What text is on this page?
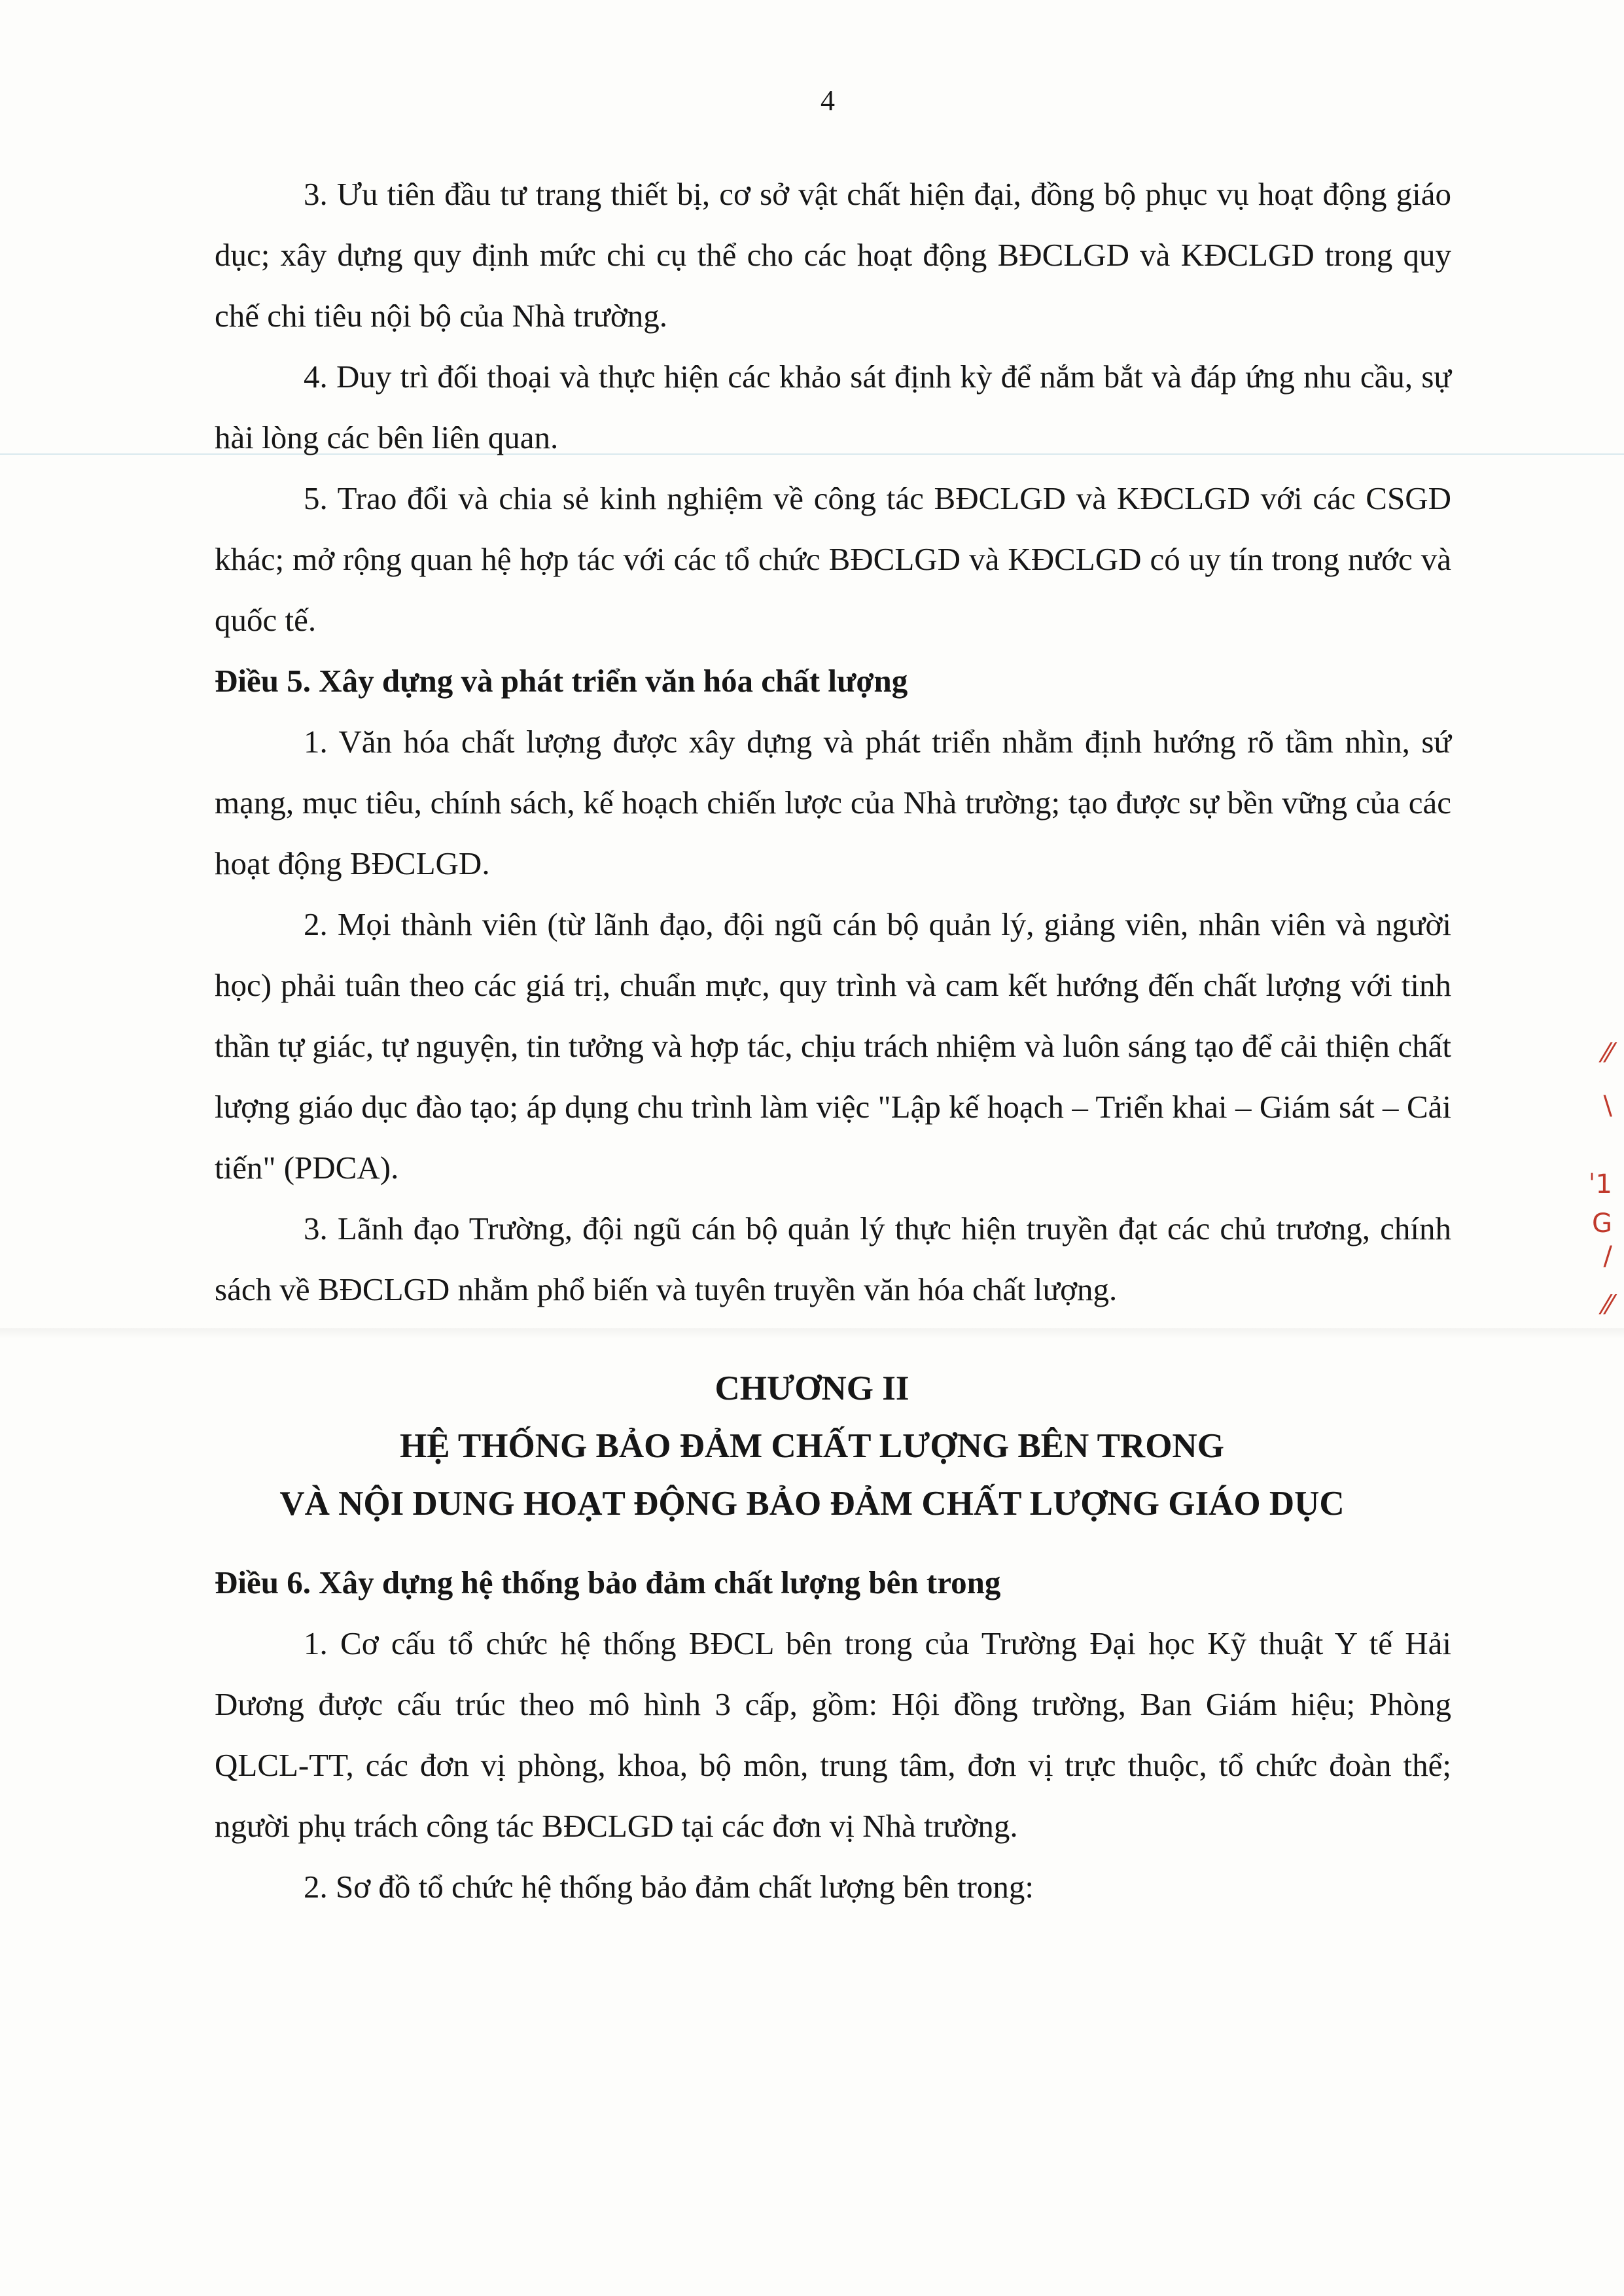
4

3. Ưu tiên đầu tư trang thiết bị, cơ sở vật chất hiện đại, đồng bộ phục vụ hoạt động giáo dục; xây dựng quy định mức chi cụ thể cho các hoạt động BĐCLGD và KĐCLGD trong quy chế chi tiêu nội bộ của Nhà trường.

4. Duy trì đối thoại và thực hiện các khảo sát định kỳ để nắm bắt và đáp ứng nhu cầu, sự hài lòng các bên liên quan.

5. Trao đổi và chia sẻ kinh nghiệm về công tác BĐCLGD và KĐCLGD với các CSGD khác; mở rộng quan hệ hợp tác với các tổ chức BĐCLGD và KĐCLGD có uy tín trong nước và quốc tế.

Điều 5. Xây dựng và phát triển văn hóa chất lượng

1. Văn hóa chất lượng được xây dựng và phát triển nhằm định hướng rõ tầm nhìn, sứ mạng, mục tiêu, chính sách, kế hoạch chiến lược của Nhà trường; tạo được sự bền vững của các hoạt động BĐCLGD.

2. Mọi thành viên (từ lãnh đạo, đội ngũ cán bộ quản lý, giảng viên, nhân viên và người học) phải tuân theo các giá trị, chuẩn mực, quy trình và cam kết hướng đến chất lượng với tinh thần tự giác, tự nguyện, tin tưởng và hợp tác, chịu trách nhiệm và luôn sáng tạo để cải thiện chất lượng giáo dục đào tạo; áp dụng chu trình làm việc "Lập kế hoạch – Triển khai – Giám sát – Cải tiến" (PDCA).

3. Lãnh đạo Trường, đội ngũ cán bộ quản lý thực hiện truyền đạt các chủ trương, chính sách về BĐCLGD nhằm phổ biến và tuyên truyền văn hóa chất lượng.

CHƯƠNG II
HỆ THỐNG BẢO ĐẢM CHẤT LƯỢNG BÊN TRONG
VÀ NỘI DUNG HOẠT ĐỘNG BẢO ĐẢM CHẤT LƯỢNG GIÁO DỤC
Điều 6. Xây dựng hệ thống bảo đảm chất lượng bên trong

1. Cơ cấu tổ chức hệ thống BĐCL bên trong của Trường Đại học Kỹ thuật Y tế Hải Dương được cấu trúc theo mô hình 3 cấp, gồm: Hội đồng trường, Ban Giám hiệu; Phòng QLCL-TT, các đơn vị phòng, khoa, bộ môn, trung tâm, đơn vị trực thuộc, tổ chức đoàn thể; người phụ trách công tác BĐCLGD tại các đơn vị Nhà trường.

2. Sơ đồ tổ chức hệ thống bảo đảm chất lượng bên trong:

⁄⁄
\
ˈ1
G
/
⁄⁄
